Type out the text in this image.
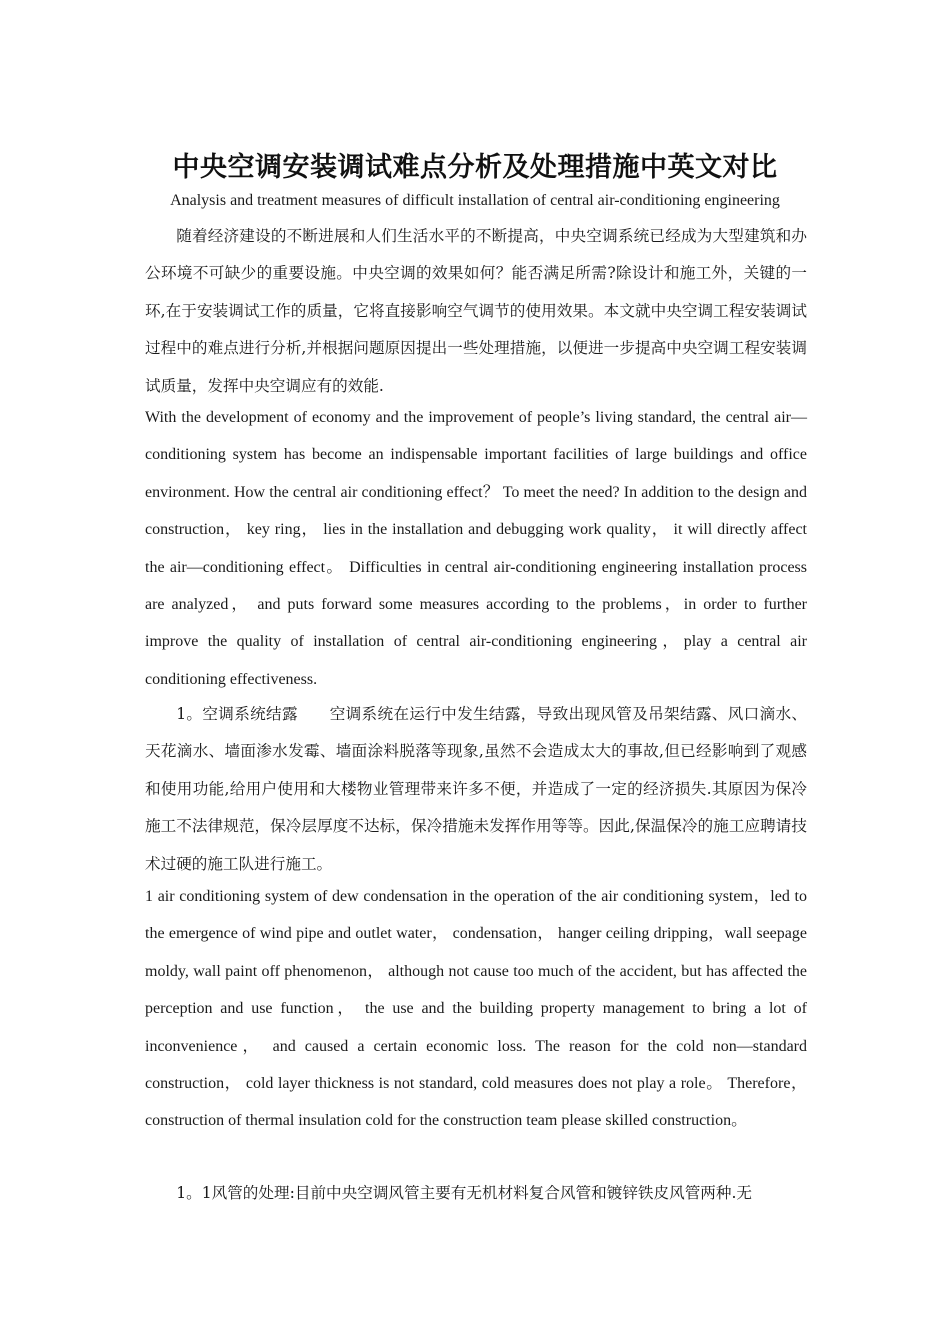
中央空调安装调试难点分析及处理措施中英文对比
Analysis and treatment measures of difficult installation of central air-conditioning engineering

随着经济建设的不断进展和人们生活水平的不断提高，中央空调系统已经成为大型建筑和办公环境不可缺少的重要设施。中央空调的效果如何？能否满足所需?除设计和施工外，关键的一环,在于安装调试工作的质量，它将直接影响空气调节的使用效果。本文就中央空调工程安装调试过程中的难点进行分析,并根据问题原因提出一些处理措施，以便进一步提高中央空调工程安装调试质量，发挥中央空调应有的效能.

With the development of economy and the improvement of people’s living standard, the central air—conditioning system has become an indispensable important facilities of large buildings and office environment. How the central air conditioning effect？ To meet the need? In addition to the design and construction， key ring， lies in the installation and debugging work quality， it will directly affect the air—conditioning effect。 Difficulties in central air-conditioning engineering installation process are analyzed， and puts forward some measures according to the problems，in order to further improve the quality of installation of central air-conditioning engineering，play a central air conditioning effectiveness.

1。空调系统结露　　空调系统在运行中发生结露，导致出现风管及吊架结露、风口滴水、天花滴水、墙面渗水发霉、墙面涂料脱落等现象,虽然不会造成太大的事故,但已经影响到了观感和使用功能,给用户使用和大楼物业管理带来许多不便，并造成了一定的经济损失.其原因为保冷施工不法律规范，保冷层厚度不达标，保冷措施未发挥作用等等。因此,保温保冷的施工应聘请技术过硬的施工队进行施工。

1 air conditioning system of dew condensation in the operation of the air conditioning system，led to the emergence of wind pipe and outlet water， condensation， hanger ceiling dripping，wall seepage moldy, wall paint off phenomenon， although not cause too much of the accident, but has affected the perception and use function， the use and the building property management to bring a lot of inconvenience， and caused a certain economic loss. The reason for the cold non—standard construction， cold layer thickness is not standard, cold measures does not play a role。 Therefore， construction of thermal insulation cold for the construction team please skilled construction。

1。1风管的处理:目前中央空调风管主要有无机材料复合风管和镀锌铁皮风管两种.无
